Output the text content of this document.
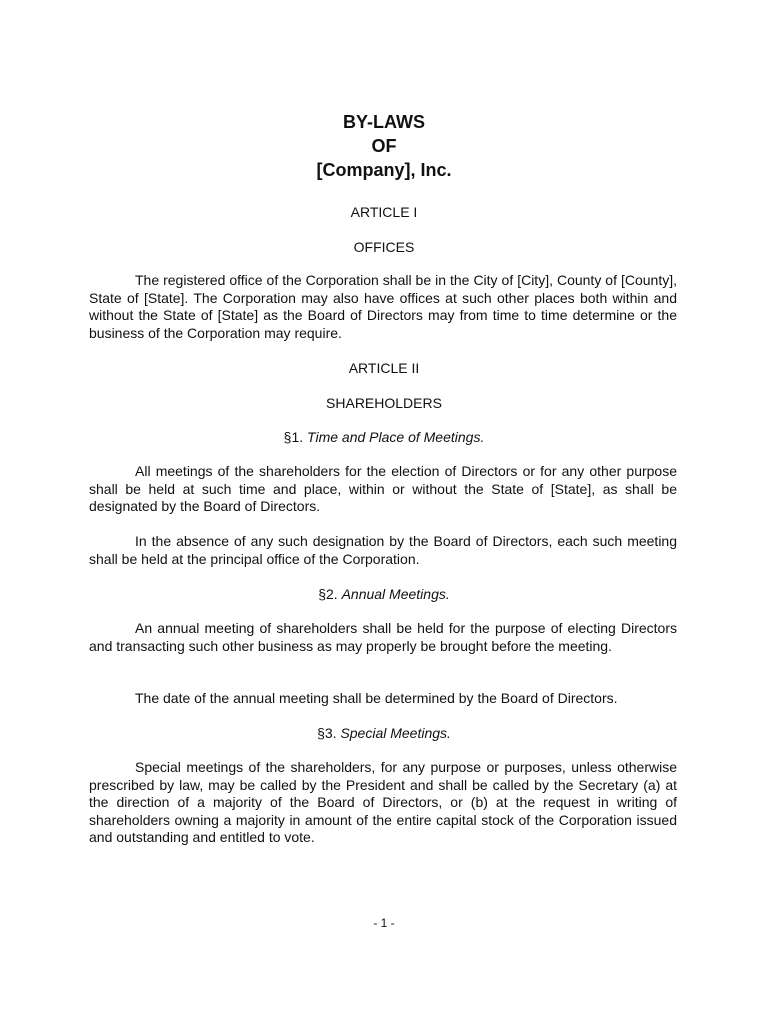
BY-LAWS
OF
[Company], Inc.
ARTICLE I
OFFICES

The registered office of the Corporation shall be in the City of [City], County of [County], State of [State]. The Corporation may also have offices at such other places both within and without the State of [State] as the Board of Directors may from time to time determine or the business of the Corporation may require.

ARTICLE II
SHAREHOLDERS
§1. Time and Place of Meetings.

All meetings of the shareholders for the election of Directors or for any other purpose shall be held at such time and place, within or without the State of [State], as shall be designated by the Board of Directors.

In the absence of any such designation by the Board of Directors, each such meeting shall be held at the principal office of the Corporation.

§2. Annual Meetings.

An annual meeting of shareholders shall be held for the purpose of electing Directors and transacting such other business as may properly be brought before the meeting.

The date of the annual meeting shall be determined by the Board of Directors.

§3. Special Meetings.

Special meetings of the shareholders, for any purpose or purposes, unless otherwise prescribed by law, may be called by the President and shall be called by the Secretary (a) at the direction of a majority of the Board of Directors, or (b) at the request in writing of shareholders owning a majority in amount of the entire capital stock of the Corporation issued and outstanding and entitled to vote.

- 1 -
